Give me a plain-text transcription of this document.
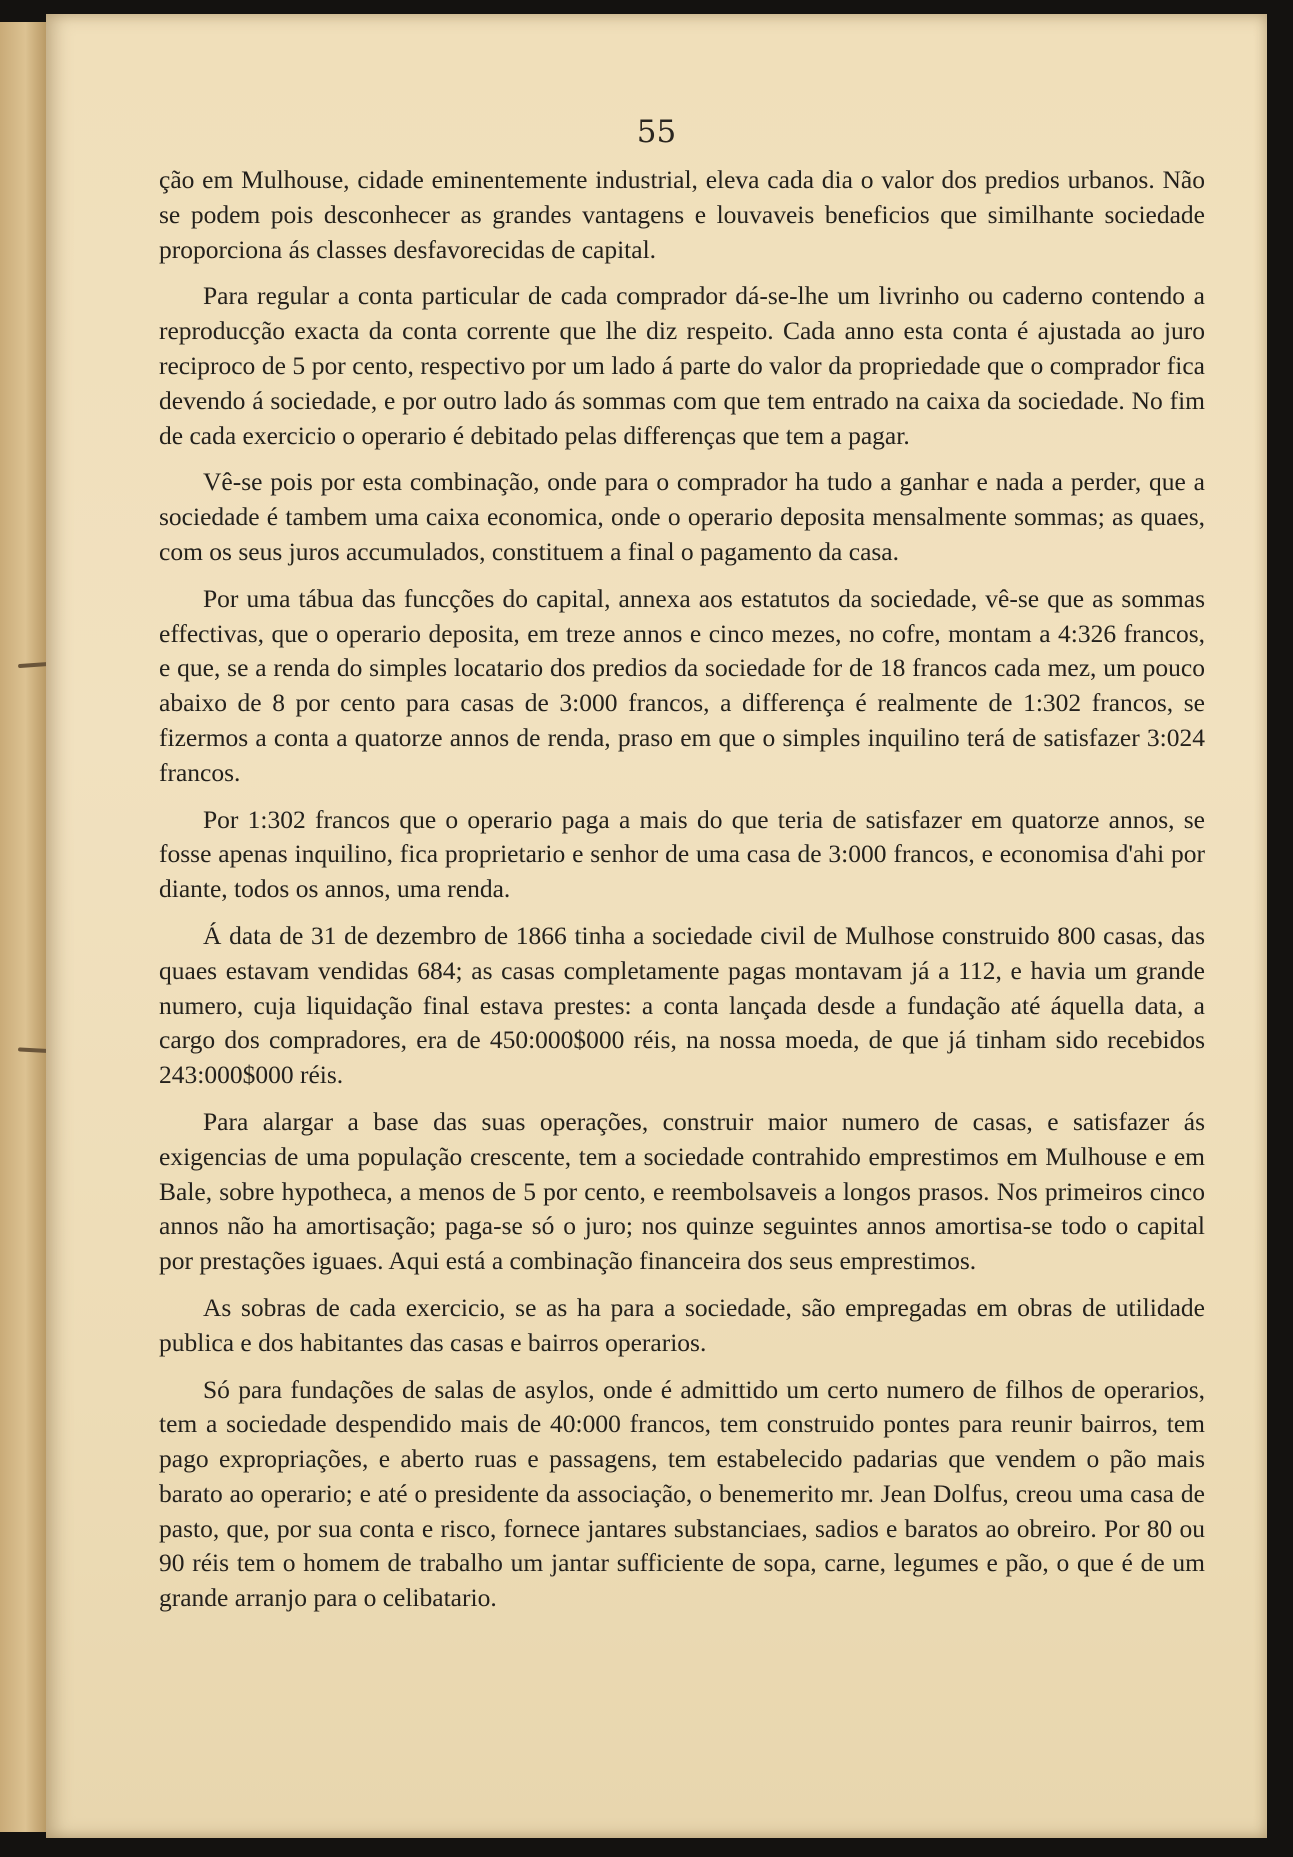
55

ção em Mulhouse, cidade eminentemente industrial, eleva cada dia o valor dos predios urbanos. Não se podem pois desconhecer as grandes vantagens e louvaveis beneficios que similhante sociedade proporciona ás classes desfavorecidas de capital.

Para regular a conta particular de cada comprador dá-se-lhe um livrinho ou caderno contendo a reproducção exacta da conta corrente que lhe diz respeito. Cada anno esta conta é ajustada ao juro reciproco de 5 por cento, respectivo por um lado á parte do valor da propriedade que o comprador fica devendo á sociedade, e por outro lado ás sommas com que tem entrado na caixa da sociedade. No fim de cada exercicio o operario é debitado pelas differenças que tem a pagar.

Vê-se pois por esta combinação, onde para o comprador ha tudo a ganhar e nada a perder, que a sociedade é tambem uma caixa economica, onde o operario deposita mensalmente sommas; as quaes, com os seus juros accumulados, constituem a final o pagamento da casa.

Por uma tábua das funcções do capital, annexa aos estatutos da sociedade, vê-se que as sommas effectivas, que o operario deposita, em treze annos e cinco mezes, no cofre, montam a 4:326 francos, e que, se a renda do simples locatario dos predios da sociedade for de 18 francos cada mez, um pouco abaixo de 8 por cento para casas de 3:000 francos, a differença é realmente de 1:302 francos, se fizermos a conta a quatorze annos de renda, praso em que o simples inquilino terá de satisfazer 3:024 francos.

Por 1:302 francos que o operario paga a mais do que teria de satisfazer em quatorze annos, se fosse apenas inquilino, fica proprietario e senhor de uma casa de 3:000 francos, e economisa d'ahi por diante, todos os annos, uma renda.

Á data de 31 de dezembro de 1866 tinha a sociedade civil de Mulhose construido 800 casas, das quaes estavam vendidas 684; as casas completamente pagas montavam já a 112, e havia um grande numero, cuja liquidação final estava prestes: a conta lançada desde a fundação até áquella data, a cargo dos compradores, era de 450:000$000 réis, na nossa moeda, de que já tinham sido recebidos 243:000$000 réis.

Para alargar a base das suas operações, construir maior numero de casas, e satisfazer ás exigencias de uma população crescente, tem a sociedade contrahido emprestimos em Mulhouse e em Bale, sobre hypotheca, a menos de 5 por cento, e reembolsaveis a longos prasos. Nos primeiros cinco annos não ha amortisação; paga-se só o juro; nos quinze seguintes annos amortisa-se todo o capital por prestações iguaes. Aqui está a combinação financeira dos seus emprestimos.

As sobras de cada exercicio, se as ha para a sociedade, são empregadas em obras de utilidade publica e dos habitantes das casas e bairros operarios.

Só para fundações de salas de asylos, onde é admittido um certo numero de filhos de operarios, tem a sociedade despendido mais de 40:000 francos, tem construido pontes para reunir bairros, tem pago expropriações, e aberto ruas e passagens, tem estabelecido padarias que vendem o pão mais barato ao operario; e até o presidente da associação, o benemerito mr. Jean Dolfus, creou uma casa de pasto, que, por sua conta e risco, fornece jantares substanciaes, sadios e baratos ao obreiro. Por 80 ou 90 réis tem o homem de trabalho um jantar sufficiente de sopa, carne, legumes e pão, o que é de um grande arranjo para o celibatario.
